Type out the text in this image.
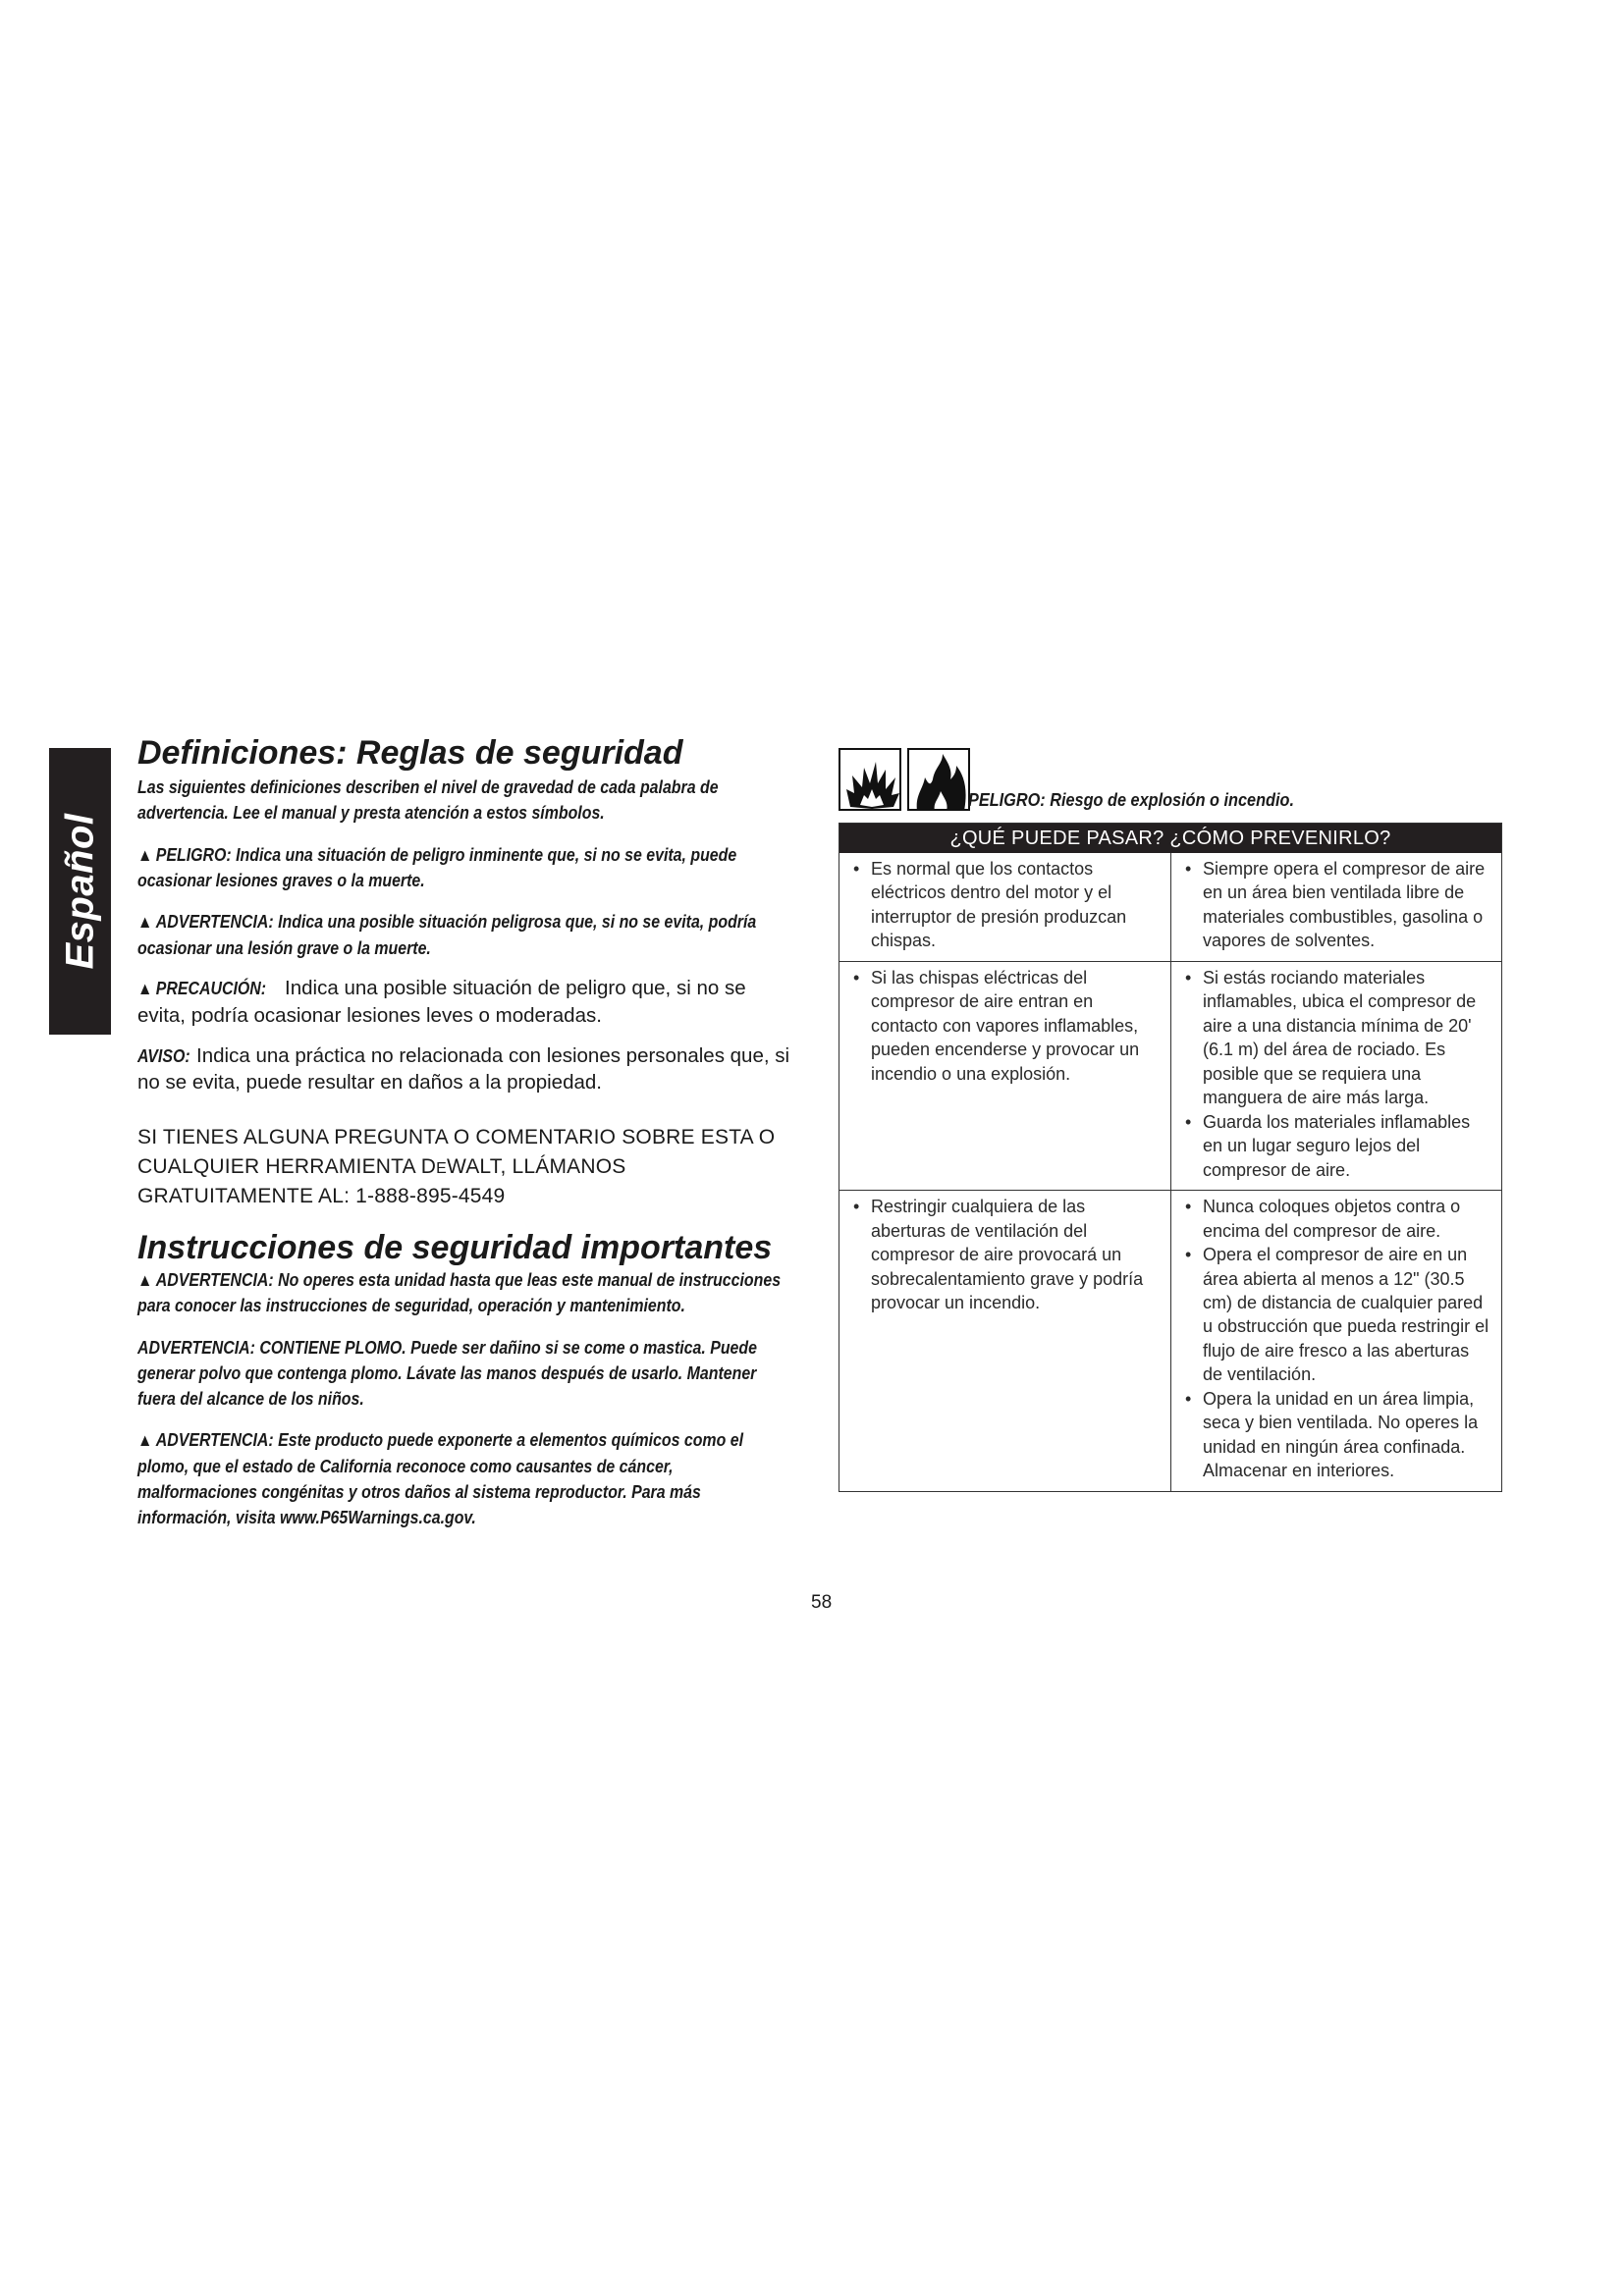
Español
Definiciones: Reglas de seguridad

Las siguientes definiciones describen el nivel de gravedad de cada palabra de advertencia. Lee el manual y presta atención a estos símbolos.

▲ PELIGRO: Indica una situación de peligro inminente que, si no se evita, puede ocasionar lesiones graves o la muerte.

▲ ADVERTENCIA: Indica una posible situación peligrosa que, si no se evita, podría ocasionar una lesión grave o la muerte.

▲ PRECAUCIÓN: Indica una posible situación de peligro que, si no se evita, podría ocasionar lesiones leves o moderadas.

AVISO: Indica una práctica no relacionada con lesiones personales que, si no se evita, puede resultar en daños a la propiedad.

SI TIENES ALGUNA PREGUNTA O COMENTARIO SOBRE ESTA O CUALQUIER HERRAMIENTA DEWALT, LLÁMANOS GRATUITAMENTE AL: 1-888-895-4549

Instrucciones de seguridad importantes

▲ ADVERTENCIA: No operes esta unidad hasta que leas este manual de instrucciones para conocer las instrucciones de seguridad, operación y mantenimiento.

ADVERTENCIA: CONTIENE PLOMO. Puede ser dañino si se come o mastica. Puede generar polvo que contenga plomo. Lávate las manos después de usarlo. Mantener fuera del alcance de los niños.

▲ ADVERTENCIA: Este producto puede exponerte a elementos químicos como el plomo, que el estado de California reconoce como causantes de cáncer, malformaciones congénitas y otros daños al sistema reproductor. Para más información, visita www.P65Warnings.ca.gov.

PELIGRO: Riesgo de explosión o incendio.
¿QUÉ PUEDE PASAR? ¿CÓMO PREVENIRLO?
• Es normal que los contactos eléctricos dentro del motor y el interruptor de presión produzcan chispas.
• Siempre opera el compresor de aire en un área bien ventilada libre de materiales combustibles, gasolina o vapores de solventes.
• Si las chispas eléctricas del compresor de aire entran en contacto con vapores inflamables, pueden encenderse y provocar un incendio o una explosión.
• Si estás rociando materiales inflamables, ubica el compresor de aire a una distancia mínima de 20' (6.1 m) del área de rociado. Es posible que se requiera una manguera de aire más larga.
• Guarda los materiales inflamables en un lugar seguro lejos del compresor de aire.
• Restringir cualquiera de las aberturas de ventilación del compresor de aire provocará un sobrecalentamiento grave y podría provocar un incendio.
• Nunca coloques objetos contra o encima del compresor de aire.
• Opera el compresor de aire en un área abierta al menos a 12" (30.5 cm) de distancia de cualquier pared u obstrucción que pueda restringir el flujo de aire fresco a las aberturas de ventilación.
• Opera la unidad en un área limpia, seca y bien ventilada. No operes la unidad en ningún área confinada. Almacenar en interiores.
58
